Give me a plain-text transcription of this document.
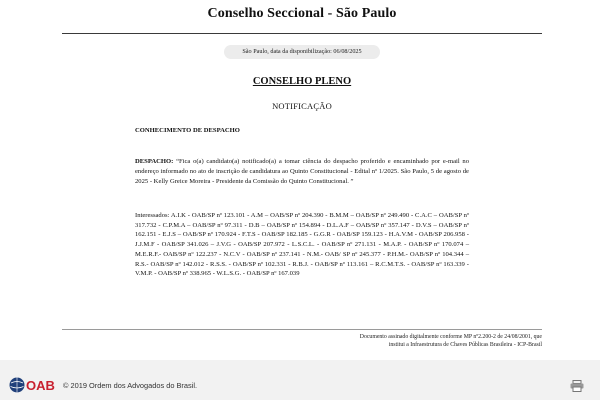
Conselho Seccional - São Paulo
São Paulo, data da disponibilização: 06/08/2025
CONSELHO PLENO
NOTIFICAÇÃO
CONHECIMENTO DE DESPACHO
DESPACHO: “Fica o(a) candidato(a) notificado(a) a tomar ciência do despacho proferido e encaminhado por e-mail no endereço informado no ato de inscrição de candidatura ao Quinto Constitucional - Edital nº 1/2025. São Paulo, 5 de agosto de 2025 - Kelly Greice Moreira - Presidente da Comissão do Quinto Constitucional. ”
Interessados: A.I.K - OAB/SP nº 123.101 - A.M – OAB/SP nº 204.390 - B.M.M – OAB/SP nº 249.490 - C.A.C – OAB/SP nº 317.732 - C.P.M.A – OAB/SP nº 97.311 - D.B – OAB/SP nº 154.894 - D.L.A.F – OAB/SP nº 357.147 - D.V.S – OAB/SP nº 162.151 - E.J.S – OAB/SP nº 170.924 - F.T.S - OAB/SP 182.185 - G.G.R - OAB/SP 159.123 - H.A.V.M - OAB/SP 206.958 - J.J.M.F - OAB/SP 341.026 – J.V.G - OAB/SP 207.972 - L.S.C.L. - OAB/SP nº 271.131 - M.A.P. - OAB/SP nº 170.074 – M.E.R.F.- OAB/SP nº 122.237 - N.C.V - OAB/SP nº 237.141 - N.M.- OAB/ SP nº 245.377 - P.H.M.- OAB/SP nº 104.344 – R.S.- OAB/SP nº 142.012 - R.S.S. - OAB/SP nº 102.331 - R.B.J. - OAB/SP nº 113.161 – R.C.M.T.S. - OAB/SP nº 163.339 - V.M.P. - OAB/SP nº 338.965 - W.L.S.G. - OAB/SP nº 167.039
Documento assinado digitalmente conforme MP nº2.200-2 de 24/08/2001, que
institui a Infraestrutura de Chaves Públicas Brasileira - ICP-Brasil
OAB © 2019 Ordem dos Advogados do Brasil.
